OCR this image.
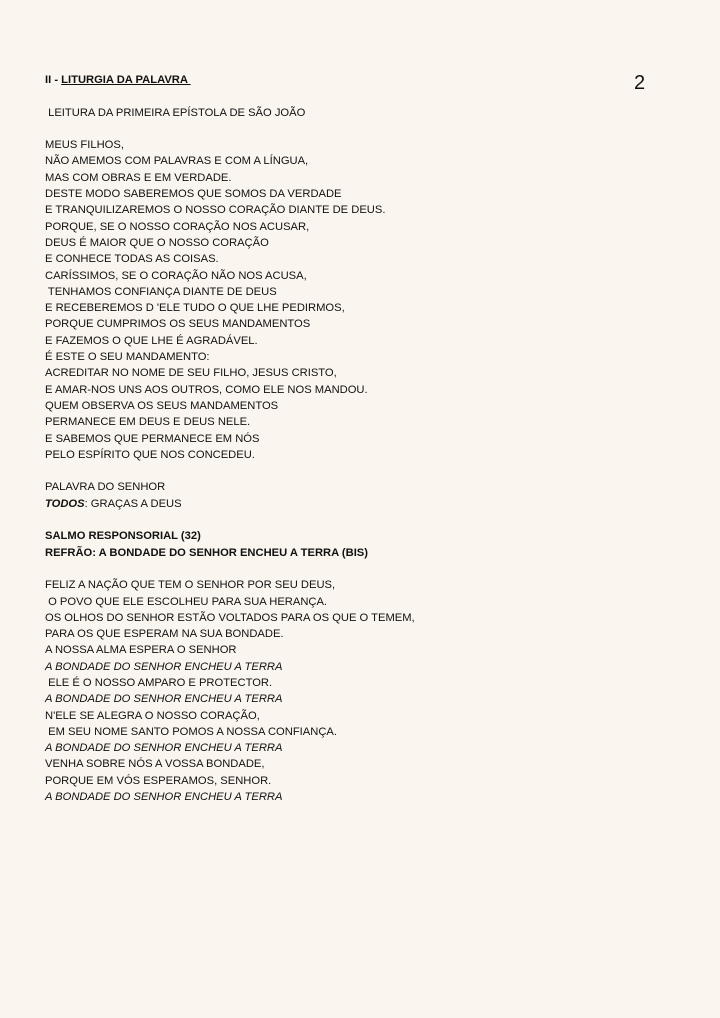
2
II - LITURGIA DA PALAVRA
LEITURA DA PRIMEIRA EPÍSTOLA DE SÃO JOÃO
MEUS FILHOS,
NÃO AMEMOS COM PALAVRAS E COM A LÍNGUA,
MAS COM OBRAS E EM VERDADE.
DESTE MODO SABEREMOS QUE SOMOS DA VERDADE
E TRANQUILIZAREMOS O NOSSO CORAÇÃO DIANTE DE DEUS.
PORQUE, SE O NOSSO CORAÇÃO NOS ACUSAR,
DEUS É MAIOR QUE O NOSSO CORAÇÃO
E CONHECE TODAS AS COISAS.
CARÍSSIMOS, SE O CORAÇÃO NÃO NOS ACUSA,
TENHAMOS CONFIANÇA DIANTE DE DEUS
E RECEBEREMOS D 'ELE TUDO O QUE LHE PEDIRMOS,
PORQUE CUMPRIMOS OS SEUS MANDAMENTOS
E FAZEMOS O QUE LHE É AGRADÁVEL.
É ESTE O SEU MANDAMENTO:
ACREDITAR NO NOME DE SEU FILHO, JESUS CRISTO,
E AMAR-NOS UNS AOS OUTROS, COMO ELE NOS MANDOU.
QUEM OBSERVA OS SEUS MANDAMENTOS
PERMANECE EM DEUS E DEUS NELE.
E SABEMOS QUE PERMANECE EM NÓS
PELO ESPÍRITO QUE NOS CONCEDEU.
PALAVRA DO SENHOR
TODOS: GRAÇAS A DEUS
SALMO RESPONSORIAL (32)
REFRÃO: A BONDADE DO SENHOR ENCHEU A TERRA (BIS)
FELIZ A NAÇÃO QUE TEM O SENHOR POR SEU DEUS,
O POVO QUE ELE ESCOLHEU PARA SUA HERANÇA.
OS OLHOS DO SENHOR ESTÃO VOLTADOS PARA OS QUE O TEMEM,
PARA OS QUE ESPERAM NA SUA BONDADE.
A NOSSA ALMA ESPERA O SENHOR
A BONDADE DO SENHOR ENCHEU A TERRA
ELE É O NOSSO AMPARO E PROTECTOR.
A BONDADE DO SENHOR ENCHEU A TERRA
N'ELE SE ALEGRA O NOSSO CORAÇÃO,
EM SEU NOME SANTO POMOS A NOSSA CONFIANÇA.
A BONDADE DO SENHOR ENCHEU A TERRA
VENHA SOBRE NÓS A VOSSA BONDADE,
PORQUE EM VÓS ESPERAMOS, SENHOR.
A BONDADE DO SENHOR ENCHEU A TERRA
